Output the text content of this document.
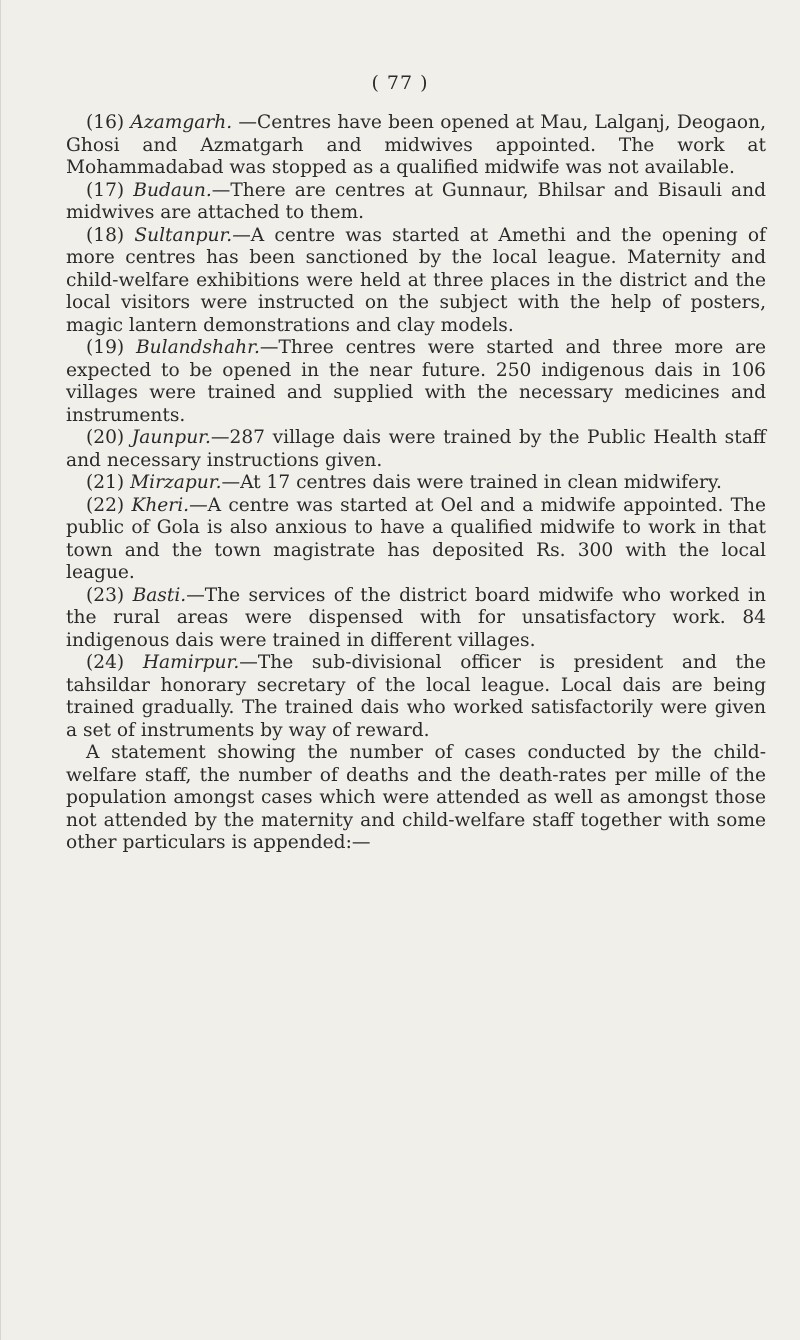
( 77 )

(16) Azamgarh. —Centres have been opened at Mau, Lalganj, Deogaon, Ghosi and Azmatgarh and midwives appointed. The work at Mohammadabad was stopped as a qualified midwife was not available.

(17) Budaun.—There are centres at Gunnaur, Bhilsar and Bisauli and midwives are attached to them.

(18) Sultanpur.—A centre was started at Amethi and the opening of more centres has been sanctioned by the local league. Maternity and child-welfare exhibitions were held at three places in the district and the local visitors were instructed on the subject with the help of posters, magic lantern demonstrations and clay models.

(19) Bulandshahr.—Three centres were started and three more are expected to be opened in the near future. 250 indigenous dais in 106 villages were trained and supplied with the necessary medicines and instruments.

(20) Jaunpur.—287 village dais were trained by the Public Health staff and necessary instructions given.

(21) Mirzapur.—At 17 centres dais were trained in clean midwifery.

(22) Kheri.—A centre was started at Oel and a midwife appointed. The public of Gola is also anxious to have a qualified midwife to work in that town and the town magistrate has deposited Rs. 300 with the local league.

(23) Basti.—The services of the district board midwife who worked in the rural areas were dispensed with for unsatisfactory work. 84 indigenous dais were trained in different villages.

(24) Hamirpur.—The sub-divisional officer is president and the tahsildar honorary secretary of the local league. Local dais are being trained gradually. The trained dais who worked satisfactorily were given a set of instruments by way of reward.

A statement showing the number of cases conducted by the child-welfare staff, the number of deaths and the death-rates per mille of the population amongst cases which were attended as well as amongst those not attended by the maternity and child-welfare staff together with some other particulars is appended:—
